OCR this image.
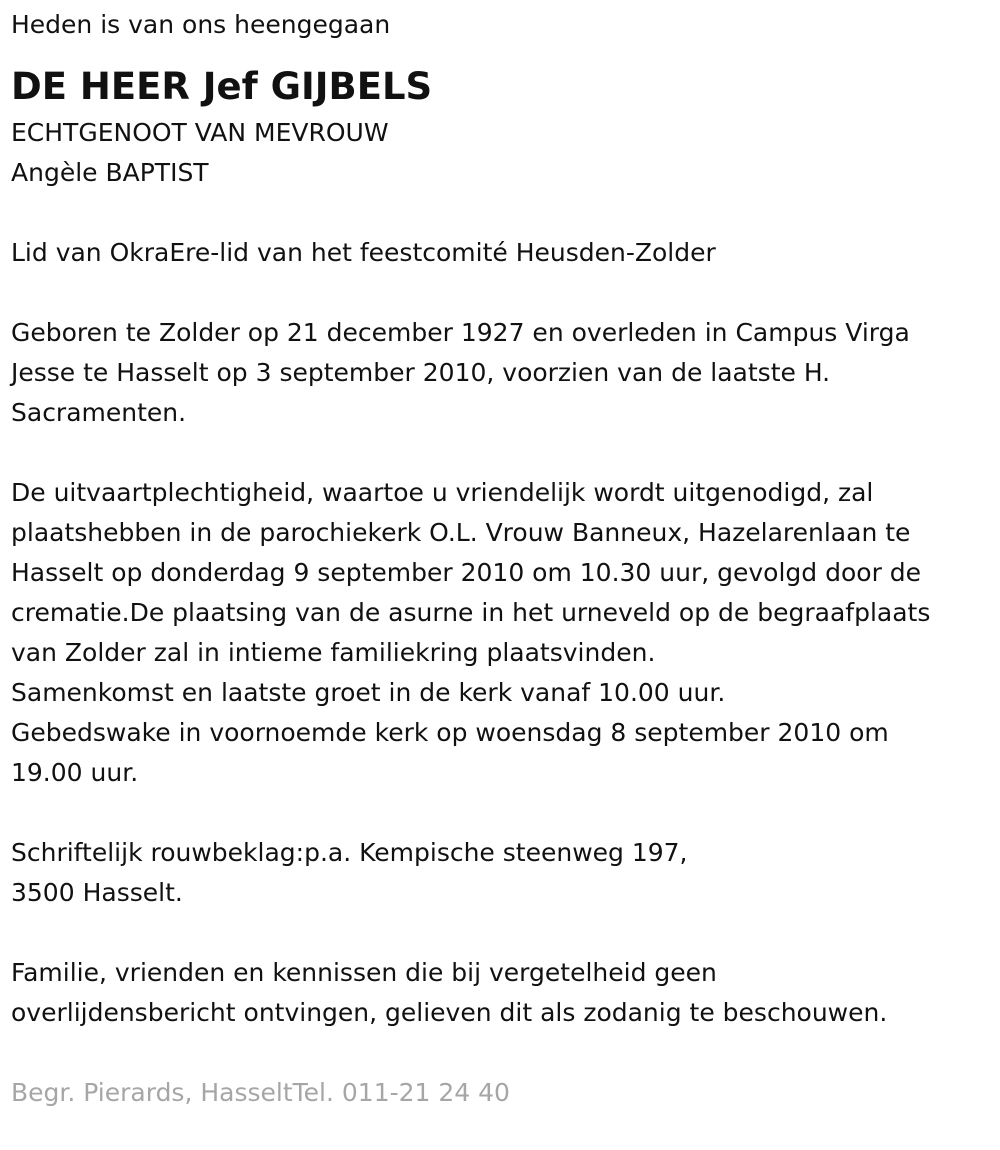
Heden is van ons heengegaan

DE HEER Jef GIJBELS

ECHTGENOOT VAN MEVROUW

Angèle BAPTIST

Lid van OkraEre-lid van het feestcomité Heusden-Zolder

Geboren te Zolder op 21 december 1927 en overleden in Campus Virga

Jesse te Hasselt op 3 september 2010, voorzien van de laatste H.

Sacramenten.

De uitvaartplechtigheid, waartoe u vriendelijk wordt uitgenodigd, zal

plaatshebben in de parochiekerk O.L. Vrouw Banneux, Hazelarenlaan te

Hasselt op donderdag 9 september 2010 om 10.30 uur, gevolgd door de

crematie.De plaatsing van de asurne in het urneveld op de begraafplaats

van Zolder zal in intieme familiekring plaatsvinden.

Samenkomst en laatste groet in de kerk vanaf 10.00 uur.

Gebedswake in voornoemde kerk op woensdag 8 september 2010 om

19.00 uur.

Schriftelijk rouwbeklag:p.a. Kempische steenweg 197,

3500 Hasselt.

Familie, vrienden en kennissen die bij vergetelheid geen

overlijdensbericht ontvingen, gelieven dit als zodanig te beschouwen.

Begr. Pierards, HasseltTel. 011-21 24 40
